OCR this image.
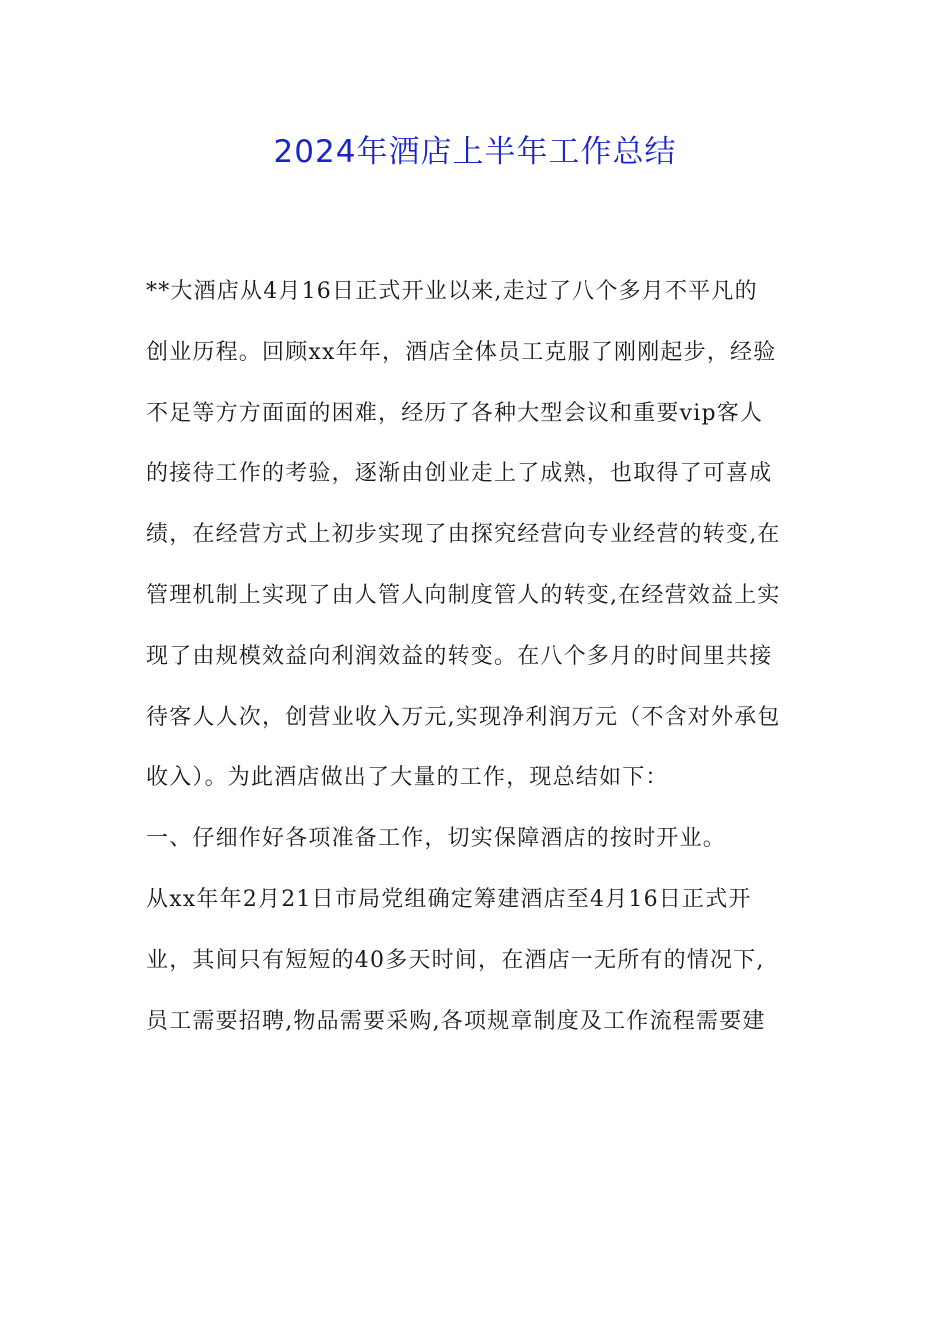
2024年酒店上半年工作总结
**大酒店从4月16日正式开业以来,走过了八个多月不平凡的
创业历程。回顾xx年年，酒店全体员工克服了刚刚起步，经验
不足等方方面面的困难，经历了各种大型会议和重要vip客人
的接待工作的考验，逐渐由创业走上了成熟，也取得了可喜成
绩，在经营方式上初步实现了由探究经营向专业经营的转变,在
管理机制上实现了由人管人向制度管人的转变,在经营效益上实
现了由规模效益向利润效益的转变。在八个多月的时间里共接
待客人人次，创营业收入万元,实现净利润万元（不含对外承包
收入）。为此酒店做出了大量的工作，现总结如下：
一、仔细作好各项准备工作，切实保障酒店的按时开业。
从xx年年2月21日市局党组确定筹建酒店至4月16日正式开
业，其间只有短短的40多天时间，在酒店一无所有的情况下,
员工需要招聘,物品需要采购,各项规章制度及工作流程需要建
